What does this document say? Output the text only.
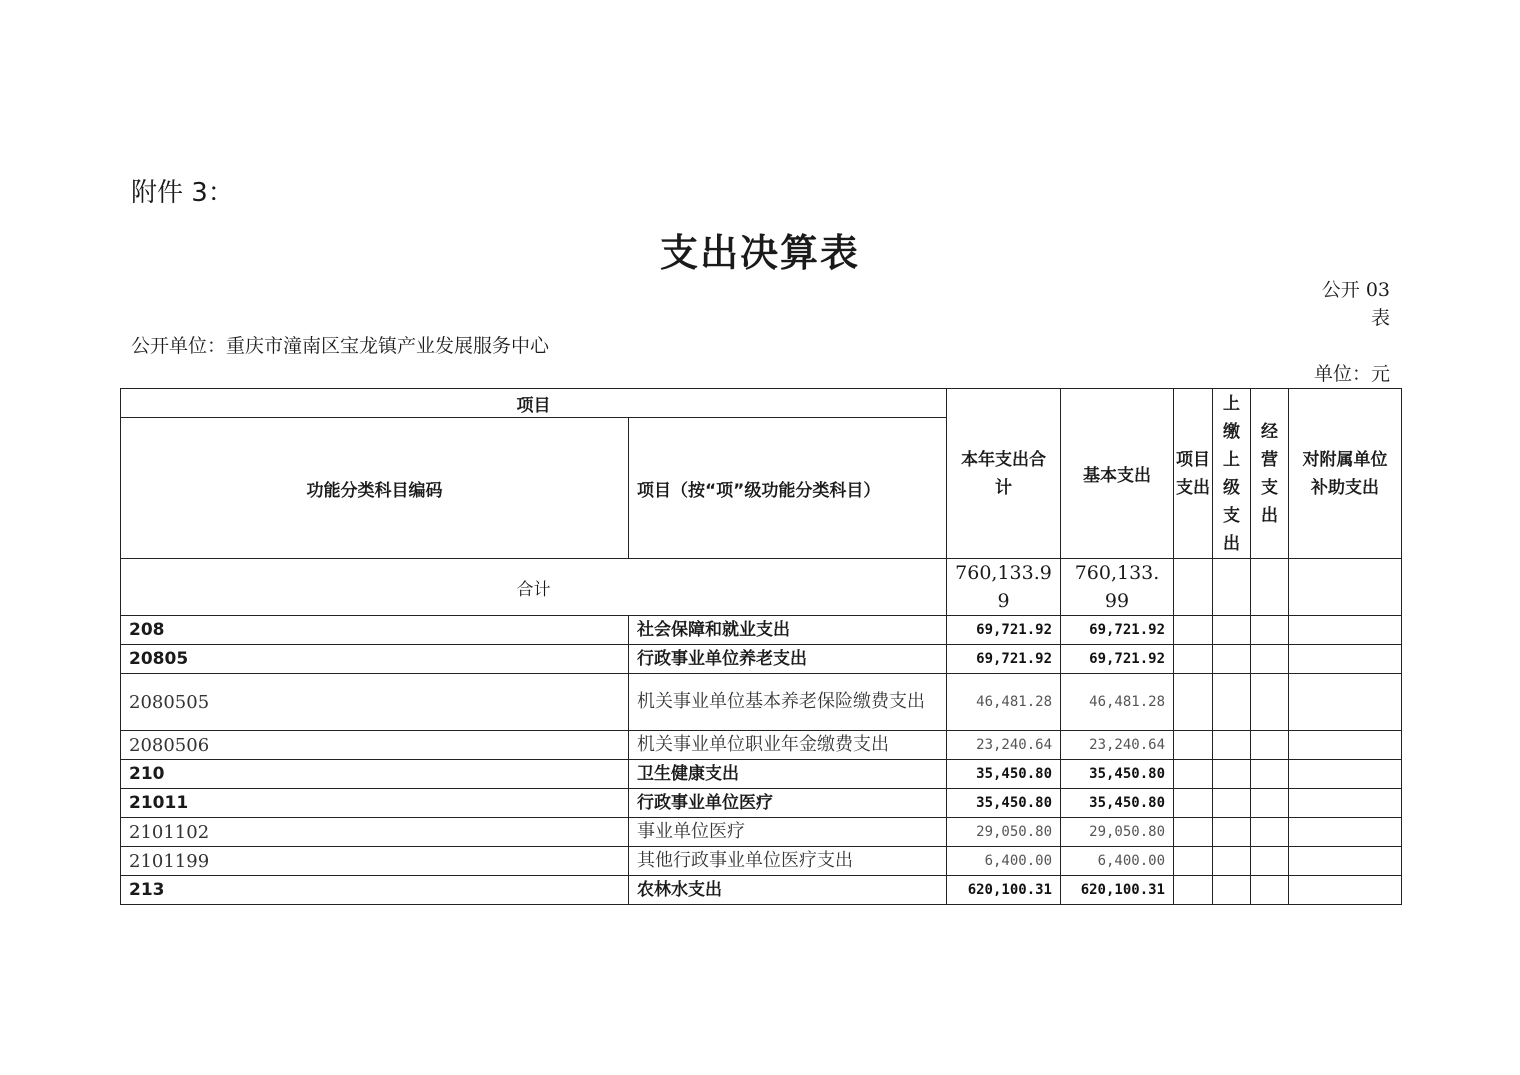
附件 3：
支出决算表
公开 03 表
公开单位：重庆市潼南区宝龙镇产业发展服务中心
单位：元
项目		本年支出合计	基本支出	项目支出	上缴上级支出	经营支出	对附属单位补助支出
功能分类科目编码	项目（按“项”级功能分类科目）						
合计		760,133.99	760,133.99				
208	社会保障和就业支出	69,721.92	69,721.92				
20805	行政事业单位养老支出	69,721.92	69,721.92				
2080505	机关事业单位基本养老保险缴费支出	46,481.28	46,481.28				
2080506	机关事业单位职业年金缴费支出	23,240.64	23,240.64				
210	卫生健康支出	35,450.80	35,450.80				
21011	行政事业单位医疗	35,450.80	35,450.80				
2101102	事业单位医疗	29,050.80	29,050.80				
2101199	其他行政事业单位医疗支出	6,400.00	6,400.00				
213	农林水支出	620,100.31	620,100.31				
